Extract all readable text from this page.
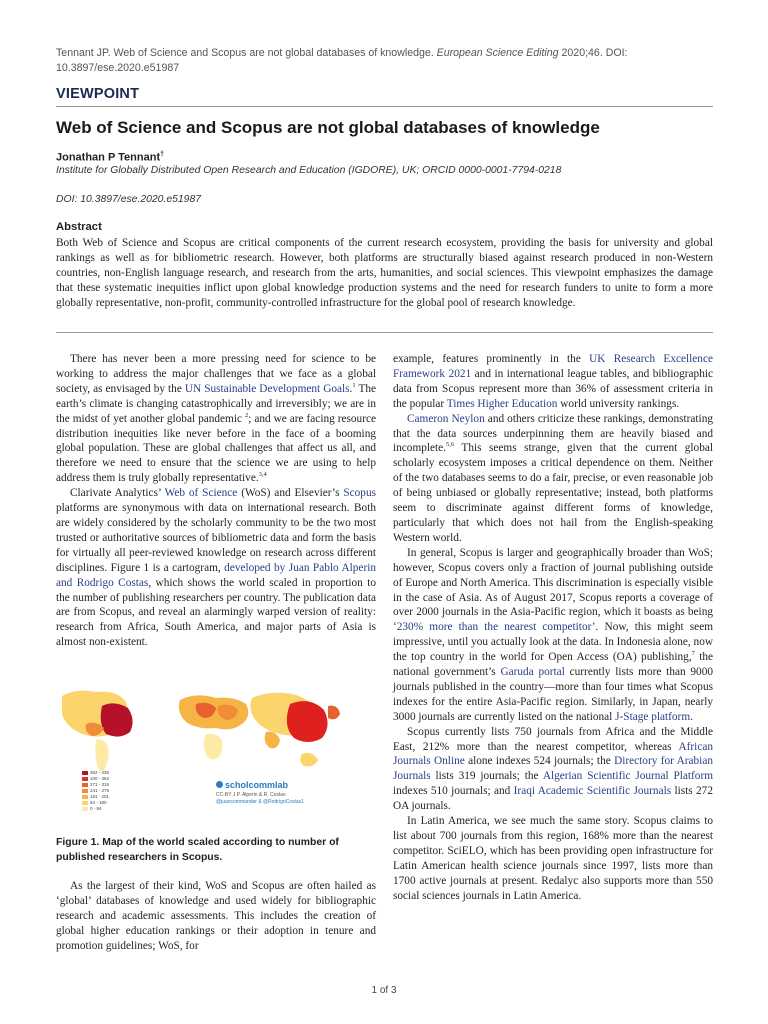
Tennant JP. Web of Science and Scopus are not global databases of knowledge. European Science Editing 2020;46. DOI: 10.3897/ese.2020.e51987
VIEWPOINT
Web of Science and Scopus are not global databases of knowledge
Jonathan P Tennant†
Institute for Globally Distributed Open Research and Education (IGDORE), UK; ORCID 0000-0001-7794-0218
DOI: 10.3897/ese.2020.e51987
Abstract
Both Web of Science and Scopus are critical components of the current research ecosystem, providing the basis for university and global rankings as well as for bibliometric research. However, both platforms are structurally biased against research produced in non-Western countries, non-English language research, and research from the arts, humanities, and social sciences. This viewpoint emphasizes the damage that these systematic inequities inflict upon global knowledge production systems and the need for research funders to unite to form a more globally representative, non-profit, community-controlled infrastructure for the global pool of research knowledge.

There has never been a more pressing need for science to be working to address the major challenges that we face as a global society, as envisaged by the UN Sustainable Development Goals.$^1$ The earth’s climate is changing catastrophically and irreversibly; we are in the midst of yet another global pandemic $^2$; and we are facing resource distribution inequities like never before in the face of a booming global population. These are global challenges that affect us all, and therefore we need to ensure that the science we are using to help address them is truly globally representative.$^{3,4}$

Clarivate Analytics’ Web of Science (WoS) and Elsevier’s Scopus platforms are synonymous with data on international research. Both are widely considered by the scholarly community to be the two most trusted or authoritative sources of bibliometric data and form the basis for virtually all peer-reviewed knowledge on research across different disciplines. Figure 1 is a cartogram, developed by Juan Pablo Alperin and Rodrigo Costas, which shows the world scaled in proportion to the number of publishing researchers per country. The publication data are from Scopus, and reveal an alarmingly warped version of reality: research from Africa, South America, and major parts of Asia is almost non-existent.

362 - 436
100 - 362
271 - 315
241 - 279
181 - 201
54 - 180
0 - 84
scholcommlab
CC-BY J.P. Alperin & R. Costas
@juancommander & @RodrigoCostas1
Figure 1. Map of the world scaled according to number of published researchers in Scopus.

As the largest of their kind, WoS and Scopus are often hailed as ‘global’ databases of knowledge and used widely for bibliographic research and academic assessments. This includes the creation of global higher education rankings or their adoption in tenure and promotion guidelines; WoS, for

example, features prominently in the UK Research Excellence Framework 2021 and in international league tables, and bibliographic data from Scopus represent more than 36% of assessment criteria in the popular Times Higher Education world university rankings.

Cameron Neylon and others criticize these rankings, demonstrating that the data sources underpinning them are heavily biased and incomplete.$^{5,6}$ This seems strange, given that the current global scholarly ecosystem imposes a critical dependence on them. Neither of the two databases seems to do a fair, precise, or even reasonable job of being unbiased or globally representative; instead, both platforms seem to discriminate against different forms of knowledge, particularly that which does not hail from the English-speaking Western world.

In general, Scopus is larger and geographically broader than WoS; however, Scopus covers only a fraction of journal publishing outside of Europe and North America. This discrimination is especially visible in the case of Asia. As of August 2017, Scopus reports a coverage of over 2000 journals in the Asia-Pacific region, which it boasts as being ‘230% more than the nearest competitor’. Now, this might seem impressive, until you actually look at the data. In Indonesia alone, now the top country in the world for Open Access (OA) publishing,$^7$ the national government’s Garuda portal currently lists more than 9000 journals published in the country—more than four times what Scopus indexes for the entire Asia-Pacific region. Similarly, in Japan, nearly 3000 journals are currently listed on the national J-Stage platform.

Scopus currently lists 750 journals from Africa and the Middle East, 212% more than the nearest competitor, whereas African Journals Online alone indexes 524 journals; the Directory for Arabian Journals lists 319 journals; the Algerian Scientific Journal Platform indexes 510 journals; and Iraqi Academic Scientific Journals lists 272 OA journals.

In Latin America, we see much the same story. Scopus claims to list about 700 journals from this region, 168% more than the nearest competitor. SciELO, which has been providing open infrastructure for Latin American health science journals since 1997, lists more than 1700 active journals at present. Redalyc also supports more than 550 social sciences journals in Latin America.

1 of 3
